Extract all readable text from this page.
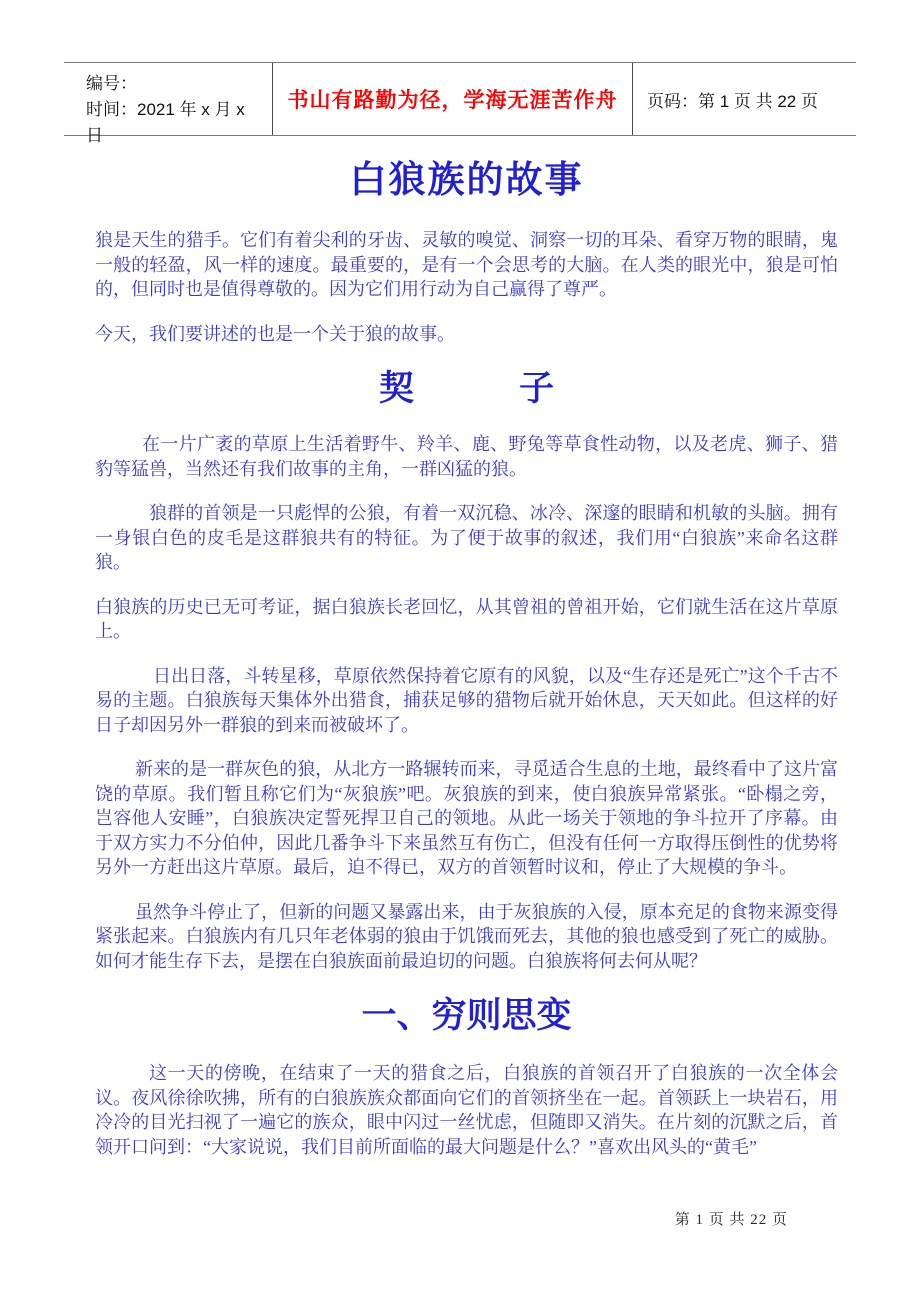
编号：
时间：2021 年 x 月 x 日
书山有路勤为径，学海无涯苦作舟 页码：第 1 页 共 22 页
白狼族的故事

狼是天生的猎手。它们有着尖利的牙齿、灵敏的嗅觉、洞察一切的耳朵、看穿万物的眼睛，鬼一般的轻盈，风一样的速度。最重要的，是有一个会思考的大脑。在人类的眼光中，狼是可怕的，但同时也是值得尊敬的。因为它们用行动为自己赢得了尊严。

今天，我们要讲述的也是一个关于狼的故事。

契　　　子

在一片广袤的草原上生活着野牛、羚羊、鹿、野兔等草食性动物，以及老虎、狮子、猎豹等猛兽，当然还有我们故事的主角，一群凶猛的狼。

狼群的首领是一只彪悍的公狼，有着一双沉稳、冰冷、深邃的眼睛和机敏的头脑。拥有一身银白色的皮毛是这群狼共有的特征。为了便于故事的叙述，我们用“白狼族”来命名这群狼。

白狼族的历史已无可考证，据白狼族长老回忆，从其曾祖的曾祖开始，它们就生活在这片草原上。

日出日落，斗转星移，草原依然保持着它原有的风貌，以及“生存还是死亡”这个千古不易的主题。白狼族每天集体外出猎食，捕获足够的猎物后就开始休息，天天如此。但这样的好日子却因另外一群狼的到来而被破坏了。

新来的是一群灰色的狼，从北方一路辗转而来，寻觅适合生息的土地，最终看中了这片富饶的草原。我们暂且称它们为“灰狼族”吧。灰狼族的到来，使白狼族异常紧张。“卧榻之旁，岂容他人安睡”，白狼族决定誓死捍卫自己的领地。从此一场关于领地的争斗拉开了序幕。由于双方实力不分伯仲，因此几番争斗下来虽然互有伤亡，但没有任何一方取得压倒性的优势将另外一方赶出这片草原。最后，迫不得已，双方的首领暂时议和，停止了大规模的争斗。

虽然争斗停止了，但新的问题又暴露出来，由于灰狼族的入侵，原本充足的食物来源变得紧张起来。白狼族内有几只年老体弱的狼由于饥饿而死去，其他的狼也感受到了死亡的威胁。如何才能生存下去，是摆在白狼族面前最迫切的问题。白狼族将何去何从呢？

一、穷则思变

这一天的傍晚，在结束了一天的猎食之后，白狼族的首领召开了白狼族的一次全体会议。夜风徐徐吹拂，所有的白狼族族众都面向它们的首领挤坐在一起。首领跃上一块岩石，用冷冷的目光扫视了一遍它的族众，眼中闪过一丝忧虑，但随即又消失。在片刻的沉默之后，首领开口问到：“大家说说，我们目前所面临的最大问题是什么？”喜欢出风头的“黄毛”

第 1 页 共 22 页
